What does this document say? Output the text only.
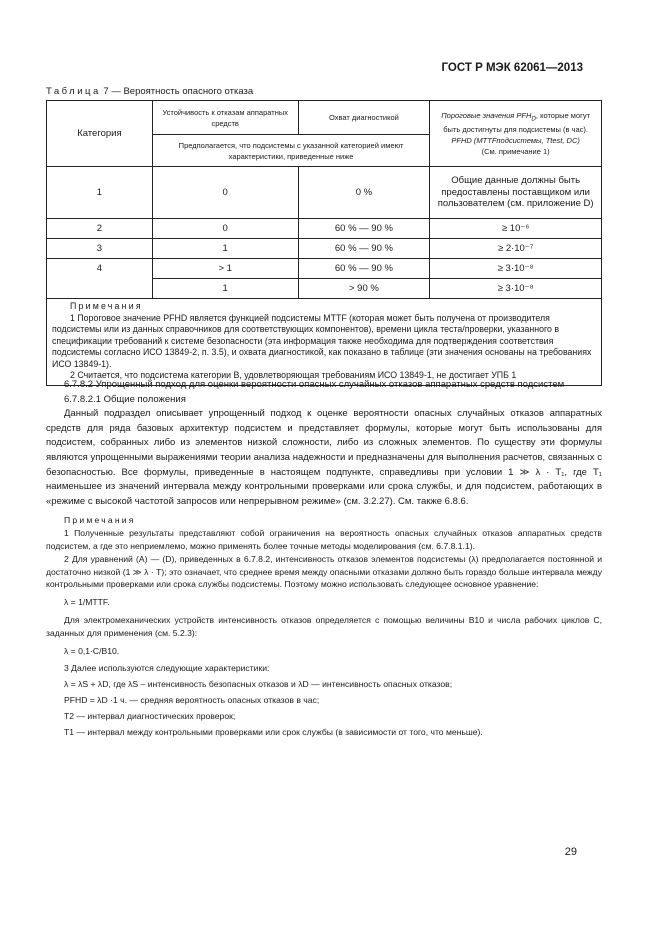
ГОСТ Р МЭК 62061—2013
Таблица 7 — Вероятность опасного отказа
Категория	Устойчивость к отказам аппаратных средств	Охват диагностикой	Пороговые значения $PFH_D$, которые могут быть достигнуты для подсистемы (в час).
PFHD (MTTFподсистемы, Ttest, DC)
(См. примечание 1)
	Предполагается, что подсистемы с указанной категорией имеют характеристики, приведенные ниже		
1	0	0 %	Общие данные должны быть предоставлены поставщиком или пользователем (см. приложение D)
2	0	60 % — 90 %	≥ 10⁻⁶
3	1	60 % — 90 %	≥ 2·10⁻⁷
4	> 1	60 % — 90 %	≥ 3·10⁻⁸
	1	> 90 %	≥ 3·10⁻⁸

Примечания
1 Пороговое значение PFHD является функцией подсистемы MTTF (которая может быть получена от производителя подсистемы или из данных справочников для соответствующих компонентов), времени цикла теста/проверки, указанного в спецификации требований к системе безопасности (эта информация также необходима для подтверждения соответствия подсистемы согласно ИСО 13849-2, п. 3.5), и охвата диагностикой, как показано в таблице (эти значения основаны на требованиях ИСО 13849-1).
2 Считается, что подсистема категории B, удовлетворяющая требованиям ИСО 13849-1, не достигает УПБ 1			

6.7.8.2 Упрощенный подход для оценки вероятности опасных случайных отказов аппаратных средств подсистем

6.7.8.2.1 Общие положения

Данный подраздел описывает упрощенный подход к оценке вероятности опасных случайных отказов аппаратных средств для ряда базовых архитектур подсистем и представляет формулы, которые могут быть использованы для подсистем, собранных либо из элементов низкой сложности, либо из сложных элементов. По существу эти формулы являются упрощенными выражениями теории анализа надежности и предназначены для выполнения расчетов, связанных с безопасностью. Все формулы, приведенные в настоящем подпункте, справедливы при условии 1 ≫ λ · T₁, где T₁ наименьшее из значений интервала между контрольными проверками или срока службы, и для подсистем, работающих в «режиме с высокой частотой запросов или непрерывном режиме» (см. 3.2.27). См. также 6.8.6.

Примечания

1 Полученные результаты представляют собой ограничения на вероятность опасных случайных отказов аппаратных средств подсистем, а где это неприемлемо, можно применять более точные методы моделирования (см. 6.7.8.1.1).

2 Для уравнений (A) — (D), приведенных в 6.7.8.2, интенсивность отказов элементов подсистемы (λ) предполагается постоянной и достаточно низкой (1 ≫ λ · T); это означает, что среднее время между опасными отказами должно быть гораздо больше интервала между контрольными проверками или срока службы подсистемы. Поэтому можно использовать следующее основное уравнение:

λ = 1/MTTF.

Для электромеханических устройств интенсивность отказов определяется с помощью величины B10 и числа рабочих циклов C, заданных для применения (см. 5.2.3):

λ = 0,1·C/B10.

3 Далее используются следующие характеристики:

λ = λS + λD, где λS – интенсивность безопасных отказов и λD — интенсивность опасных отказов;

PFHD = λD ·1 ч. — средняя вероятность опасных отказов в час;

T2 — интервал диагностических проверок;

T1 — интервал между контрольными проверками или срок службы (в зависимости от того, что меньше).

29
